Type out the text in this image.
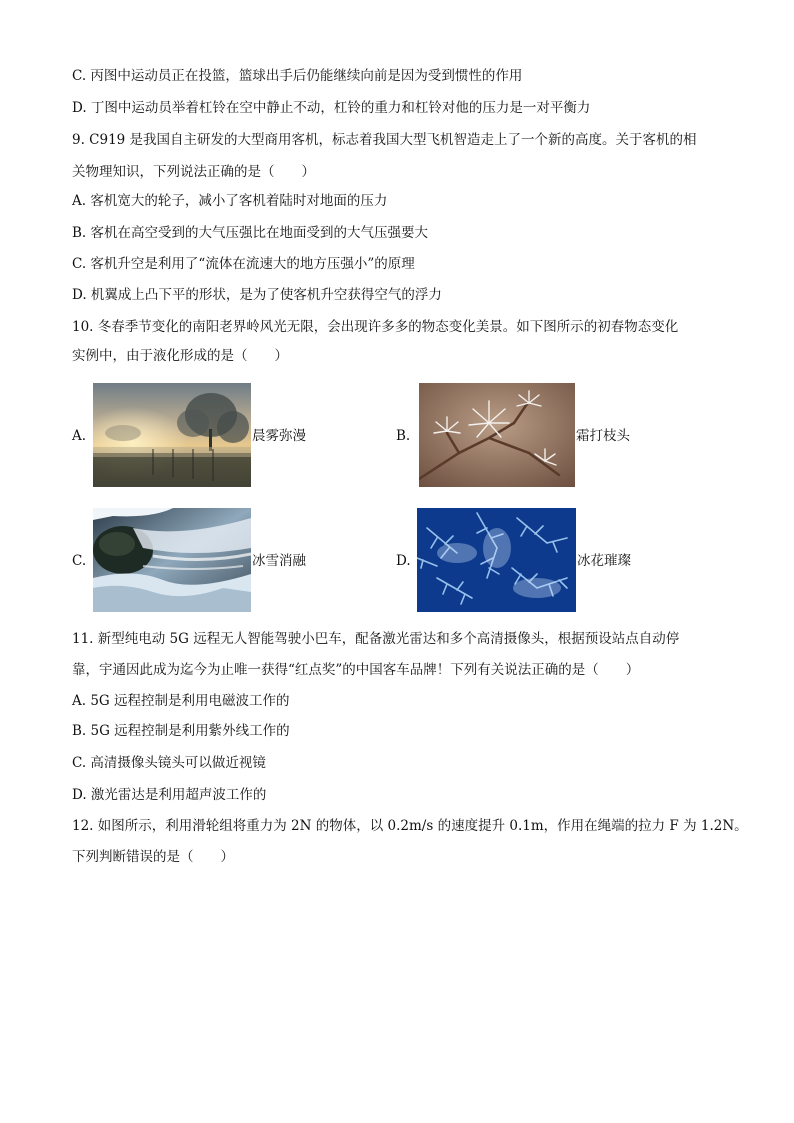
C. 丙图中运动员正在投篮，篮球出手后仍能继续向前是因为受到惯性的作用
D. 丁图中运动员举着杠铃在空中静止不动，杠铃的重力和杠铃对他的压力是一对平衡力
9. C919 是我国自主研发的大型商用客机，标志着我国大型飞机智造走上了一个新的高度。关于客机的相
关物理知识，下列说法正确的是（　　）
A. 客机宽大的轮子，减小了客机着陆时对地面的压力
B. 客机在高空受到的大气压强比在地面受到的大气压强要大
C. 客机升空是利用了“流体在流速大的地方压强小”的原理
D. 机翼成上凸下平的形状，是为了使客机升空获得空气的浮力
10. 冬春季节变化的南阳老界岭风光无限，会出现许多多的物态变化美景。如下图所示的初春物态变化
实例中，由于液化形成的是（　　）
A.	晨雾弥漫	B.	霜打枝头
C.	冰雪消融	D.	冰花璀璨
11. 新型纯电动 5G 远程无人智能驾驶小巴车，配备激光雷达和多个高清摄像头，根据预设站点自动停
靠，宇通因此成为迄今为止唯一获得“红点奖”的中国客车品牌！下列有关说法正确的是（　　）
A. 5G 远程控制是利用电磁波工作的
B. 5G 远程控制是利用紫外线工作的
C. 高清摄像头镜头可以做近视镜
D. 激光雷达是利用超声波工作的
12. 如图所示，利用滑轮组将重力为 2N 的物体，以 0.2m/s 的速度提升 0.1m，作用在绳端的拉力 F 为 1.2N。
下列判断错误的是（　　）
